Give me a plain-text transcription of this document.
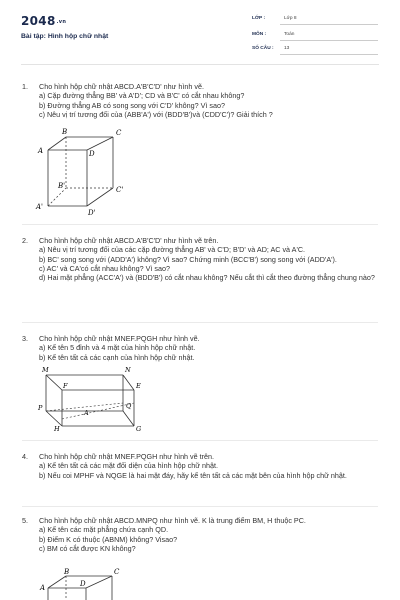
2048.vn
Bài tập: Hình hộp chữ nhật
LỚP :	Lớp 8
MÔN :	Toán
SỐ CÂU : 13
1.	Cho hình hộp chữ nhật ABCD.A'B'C'D' như hình vẽ.
a) Cặp đường thẳng BB' và A'D'; CD và B'C' có cắt nhau không?
b) Đường thẳng AB có song song với C'D' không? Vì sao?
c) Nêu vị trí tương đối của (ABB'A') với (BDD'B')và (CDD'C')? Giải thích ?
A
B	C
D
B'	C'
A'
D'
2.	Cho hình hộp chữ nhật ABCD.A'B'C'D' như hình vẽ trên.
a) Nêu vị trí tương đối của các cặp đường thẳng AB' và C'D; B'D' và AD; AC và A'C.
b) BC' song song với (ADD'A') không? Vì sao? Chứng minh (BCC'B') song song với (ADD'A').
c) AC' và CA'có cắt nhau không? Vì sao?
d) Hai mặt phẳng (ACC'A') và (BDD'B') có cắt nhau không? Nếu cắt thì cắt theo đường thẳng chung nào?
3.	Cho hình hộp chữ nhật MNEF.PQGH như hình vẽ.
a) Kể tên 5 đỉnh và 4 mặt của hình hộp chữ nhật.
b) Kể tên tất cả các cạnh của hình hộp chữ nhật.
M	N
F	E
P	Q
H	G
A
4.	Cho hình hộp chữ nhật MNEF.PQGH như hình vẽ trên.
a) Kể tên tất cả các mặt đối diện của hình hộp chữ nhật.
b) Nếu coi MPHF và NQGE là hai mặt đáy, hãy kể tên tất cả các mặt bên của hình hộp chữ nhật.
5.	Cho hình hộp chữ nhật ABCD.MNPQ như hình vẽ. K là trung điểm BM, H thuộc PC.
a) Kể tên các mặt phẳng chứa cạnh QD.
b) Điểm K có thuộc (ABNM) không? Visao?
c) BM có cắt được KN không?
A
B	C
D
